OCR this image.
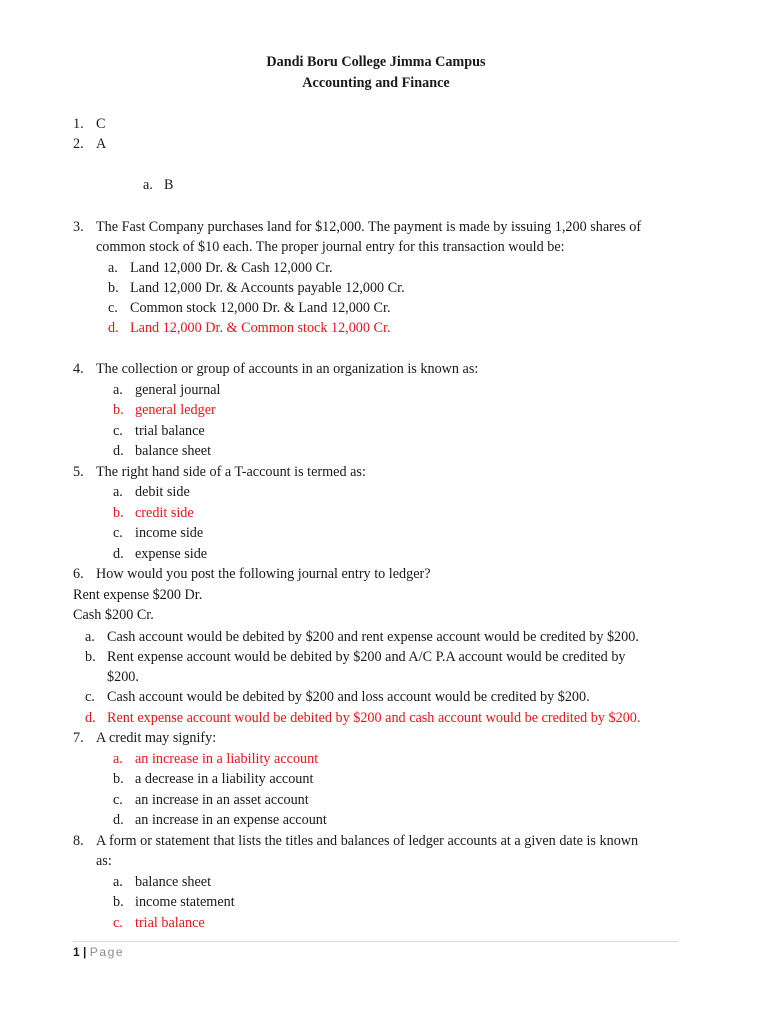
Dandi Boru College Jimma Campus
Accounting and Finance
1. C
2. A
a. B
3. The Fast Company purchases land for $12,000. The payment is made by issuing 1,200 shares of
common stock of $10 each. The proper journal entry for this transaction would be:
a. Land 12,000 Dr. & Cash 12,000 Cr.
b. Land 12,000 Dr. & Accounts payable 12,000 Cr.
c. Common stock 12,000 Dr. & Land 12,000 Cr.
d. Land 12,000 Dr. & Common stock 12,000 Cr.
4. The collection or group of accounts in an organization is known as:
a. general journal
b. general ledger
c. trial balance
d. balance sheet
5. The right hand side of a T-account is termed as:
a. debit side
b. credit side
c. income side
d. expense side
6. How would you post the following journal entry to ledger?
Rent expense $200 Dr.
Cash $200 Cr.
a. Cash account would be debited by $200 and rent expense account would be credited by $200.
b. Rent expense account would be debited by $200 and A/C P.A account would be credited by
$200.
c. Cash account would be debited by $200 and loss account would be credited by $200.
d. Rent expense account would be debited by $200 and cash account would be credited by $200.
7. A credit may signify:
a. an increase in a liability account
b. a decrease in a liability account
c. an increase in an asset account
d. an increase in an expense account
8. A form or statement that lists the titles and balances of ledger accounts at a given date is known
as:
a. balance sheet
b. income statement
c. trial balance
1 | Page
